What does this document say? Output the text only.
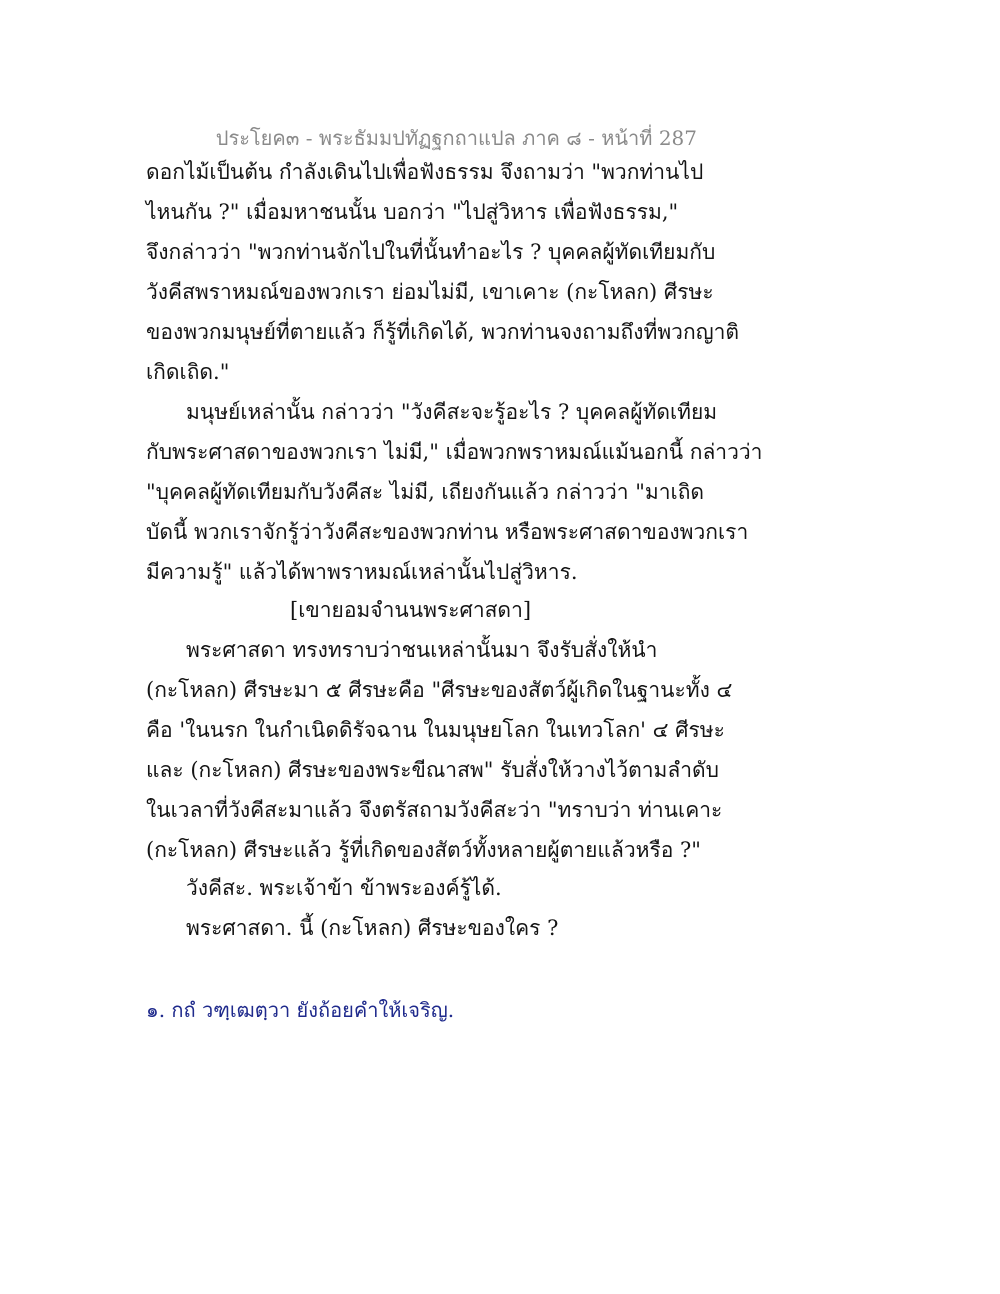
ประโยค๓ - พระธัมมปทัฏฐกถาแปล ภาค ๘ - หน้าที่ 287
ดอกไม้เป็นต้น กำลังเดินไปเพื่อฟังธรรม จึงถามว่า "พวกท่านไป
ไหนกัน ?" เมื่อมหาชนนั้น บอกว่า "ไปสู่วิหาร เพื่อฟังธรรม,"
จึงกล่าวว่า "พวกท่านจักไปในที่นั้นทำอะไร ? บุคคลผู้ทัดเทียมกับ
วังคีสพราหมณ์ของพวกเรา ย่อมไม่มี, เขาเคาะ (กะโหลก) ศีรษะ
ของพวกมนุษย์ที่ตายแล้ว ก็รู้ที่เกิดได้, พวกท่านจงถามถึงที่พวกญาติ
เกิดเถิด."
มนุษย์เหล่านั้น กล่าวว่า "วังคีสะจะรู้อะไร ? บุคคลผู้ทัดเทียม
กับพระศาสดาของพวกเรา ไม่มี," เมื่อพวกพราหมณ์แม้นอกนี้ กล่าวว่า
"บุคคลผู้ทัดเทียมกับวังคีสะ ไม่มี, เถียงกันแล้ว กล่าวว่า "มาเถิด
บัดนี้ พวกเราจักรู้ว่าวังคีสะของพวกท่าน หรือพระศาสดาของพวกเรา
มีความรู้" แล้วได้พาพราหมณ์เหล่านั้นไปสู่วิหาร.
[เขายอมจำนนพระศาสดา]
พระศาสดา ทรงทราบว่าชนเหล่านั้นมา จึงรับสั่งให้นำ
(กะโหลก) ศีรษะมา ๕ ศีรษะคือ "ศีรษะของสัตว์ผู้เกิดในฐานะทั้ง ๔
คือ 'ในนรก ในกำเนิดดิรัจฉาน ในมนุษยโลก ในเทวโลก' ๔ ศีรษะ
และ (กะโหลก) ศีรษะของพระขีณาสพ" รับสั่งให้วางไว้ตามลำดับ
ในเวลาที่วังคีสะมาแล้ว จึงตรัสถามวังคีสะว่า "ทราบว่า ท่านเคาะ
(กะโหลก) ศีรษะแล้ว รู้ที่เกิดของสัตว์ทั้งหลายผู้ตายแล้วหรือ ?"
วังคีสะ. พระเจ้าข้า ข้าพระองค์รู้ได้.
พระศาสดา. นี้ (กะโหลก) ศีรษะของใคร ?
๑. กถํ วฑฺเฒตฺวา ยังถ้อยคำให้เจริญ.
